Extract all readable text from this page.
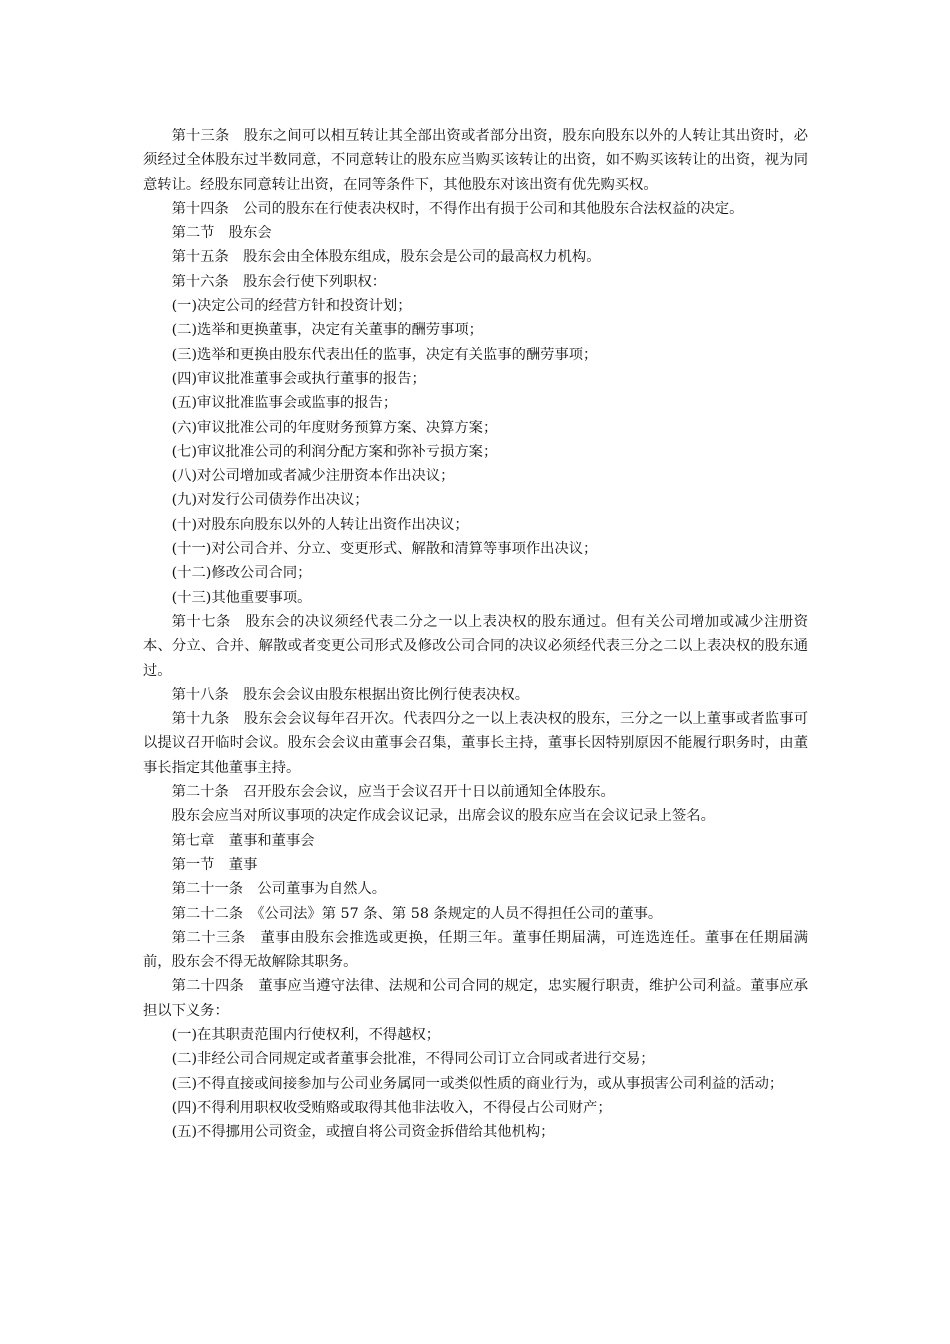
第十三条　股东之间可以相互转让其全部出资或者部分出资，股东向股东以外的人转让其出资时，必须经过全体股东过半数同意，不同意转让的股东应当购买该转让的出资，如不购买该转让的出资，视为同意转让。经股东同意转让出资，在同等条件下，其他股东对该出资有优先购买权。

第十四条　公司的股东在行使表决权时，不得作出有损于公司和其他股东合法权益的决定。

第二节　股东会

第十五条　股东会由全体股东组成，股东会是公司的最高权力机构。

第十六条　股东会行使下列职权：

(一)决定公司的经营方针和投资计划；

(二)选举和更换董事，决定有关董事的酬劳事项；

(三)选举和更换由股东代表出任的监事，决定有关监事的酬劳事项；

(四)审议批准董事会或执行董事的报告；

(五)审议批准监事会或监事的报告；

(六)审议批准公司的年度财务预算方案、决算方案；

(七)审议批准公司的利润分配方案和弥补亏损方案；

(八)对公司增加或者减少注册资本作出决议；

(九)对发行公司债券作出决议；

(十)对股东向股东以外的人转让出资作出决议；

(十一)对公司合并、分立、变更形式、解散和清算等事项作出决议；

(十二)修改公司合同；

(十三)其他重要事项。

第十七条　股东会的决议须经代表二分之一以上表决权的股东通过。但有关公司增加或减少注册资本、分立、合并、解散或者变更公司形式及修改公司合同的决议必须经代表三分之二以上表决权的股东通过。

第十八条　股东会会议由股东根据出资比例行使表决权。

第十九条　股东会会议每年召开次。代表四分之一以上表决权的股东，三分之一以上董事或者监事可以提议召开临时会议。股东会会议由董事会召集，董事长主持，董事长因特别原因不能履行职务时，由董事长指定其他董事主持。

第二十条　召开股东会会议，应当于会议召开十日以前通知全体股东。

股东会应当对所议事项的决定作成会议记录，出席会议的股东应当在会议记录上签名。

第七章　董事和董事会

第一节　董事

第二十一条　公司董事为自然人。

第二十二条　《公司法》第 57 条、第 58 条规定的人员不得担任公司的董事。

第二十三条　董事由股东会推选或更换，任期三年。董事任期届满，可连选连任。董事在任期届满前，股东会不得无故解除其职务。

第二十四条　董事应当遵守法律、法规和公司合同的规定，忠实履行职责，维护公司利益。董事应承担以下义务：

(一)在其职责范围内行使权利，不得越权；

(二)非经公司合同规定或者董事会批准，不得同公司订立合同或者进行交易；

(三)不得直接或间接参加与公司业务属同一或类似性质的商业行为，或从事损害公司利益的活动；

(四)不得利用职权收受贿赂或取得其他非法收入，不得侵占公司财产；

(五)不得挪用公司资金，或擅自将公司资金拆借给其他机构；
